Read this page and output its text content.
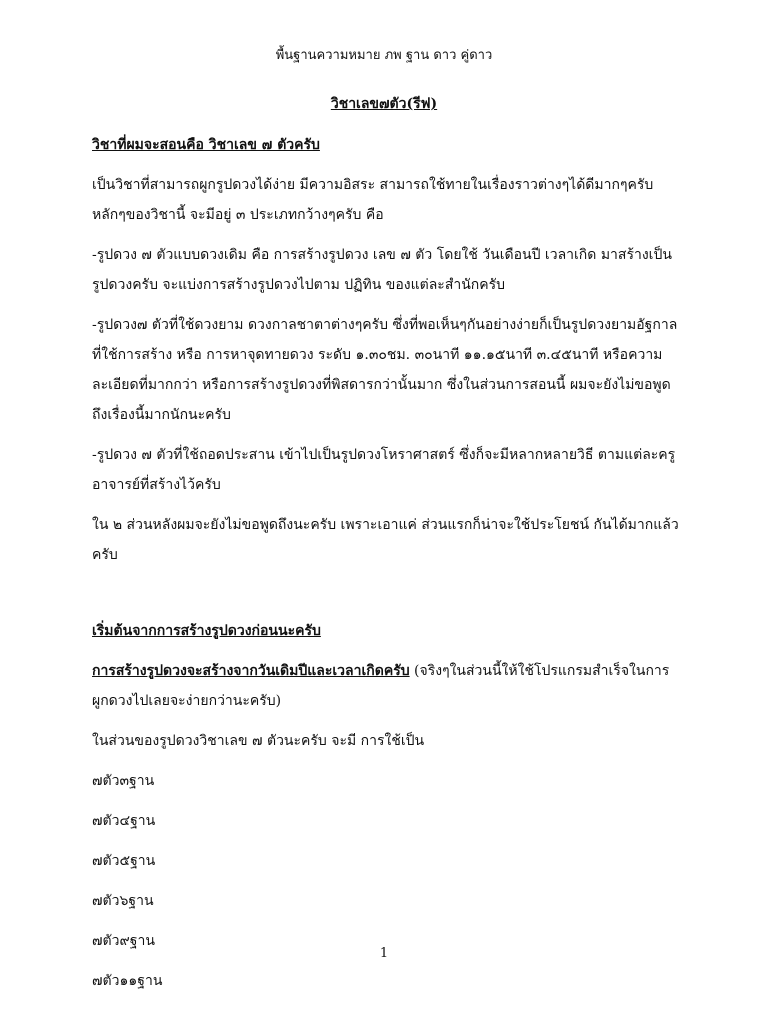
พื้นฐานความหมาย ภพ ฐาน ดาว คู่ดาว
วิชาเลข๗ตัว(รีฟ)

วิชาที่ผมจะสอนคือ วิชาเลข ๗ ตัวครับ

เป็นวิชาที่สามารถผูกรูปดวงได้ง่าย มีความอิสระ สามารถใช้ทายในเรื่องราวต่างๆได้ดีมากๆครับ หลักๆของวิชานี้ จะมีอยู่ ๓ ประเภทกว้างๆครับ คือ

-รูปดวง ๗ ตัวแบบดวงเดิม คือ การสร้างรูปดวง เลข ๗ ตัว โดยใช้ วันเดือนปี เวลาเกิด มาสร้างเป็นรูปดวงครับ จะแบ่งการสร้างรูปดวงไปตาม ปฏิทิน ของแต่ละสำนักครับ

-รูปดวง๗ ตัวที่ใช้ดวงยาม ดวงกาลชาตาต่างๆครับ ซึ่งที่พอเห็นๆกันอย่างง่ายก็เป็นรูปดวงยามอัฐกาล ที่ใช้การสร้าง หรือ การหาจุดทายดวง ระดับ ๑.๓๐ชม. ๓๐นาที ๑๑.๑๕นาที ๓.๔๕นาที หรือความละเอียดที่มากกว่า หรือการสร้างรูปดวงที่พิสดารกว่านั้นมาก ซึ่งในส่วนการสอนนี้ ผมจะยังไม่ขอพูดถึงเรื่องนี้มากนักนะครับ

-รูปดวง ๗ ตัวที่ใช้ถอดประสาน เข้าไปเป็นรูปดวงโหราศาสตร์ ซึ่งก็จะมีหลากหลายวิธี ตามแต่ละครูอาจารย์ที่สร้างไว้ครับ

ใน ๒ ส่วนหลังผมจะยังไม่ขอพูดถึงนะครับ เพราะเอาแค่ ส่วนแรกก็น่าจะใช้ประโยชน์ กันได้มากแล้วครับ

เริ่มต้นจากการสร้างรูปดวงก่อนนะครับ

การสร้างรูปดวงจะสร้างจากวันเดิมปีและเวลาเกิดครับ (จริงๆในส่วนนี้ให้ใช้โปรแกรมสำเร็จในการผูกดวงไปเลยจะง่ายกว่านะครับ)

ในส่วนของรูปดวงวิชาเลข ๗ ตัวนะครับ จะมี การใช้เป็น

๗ตัว๓ฐาน

๗ตัว๔ฐาน

๗ตัว๕ฐาน

๗ตัว๖ฐาน

๗ตัว๙ฐาน

๗ตัว๑๑ฐาน

1
